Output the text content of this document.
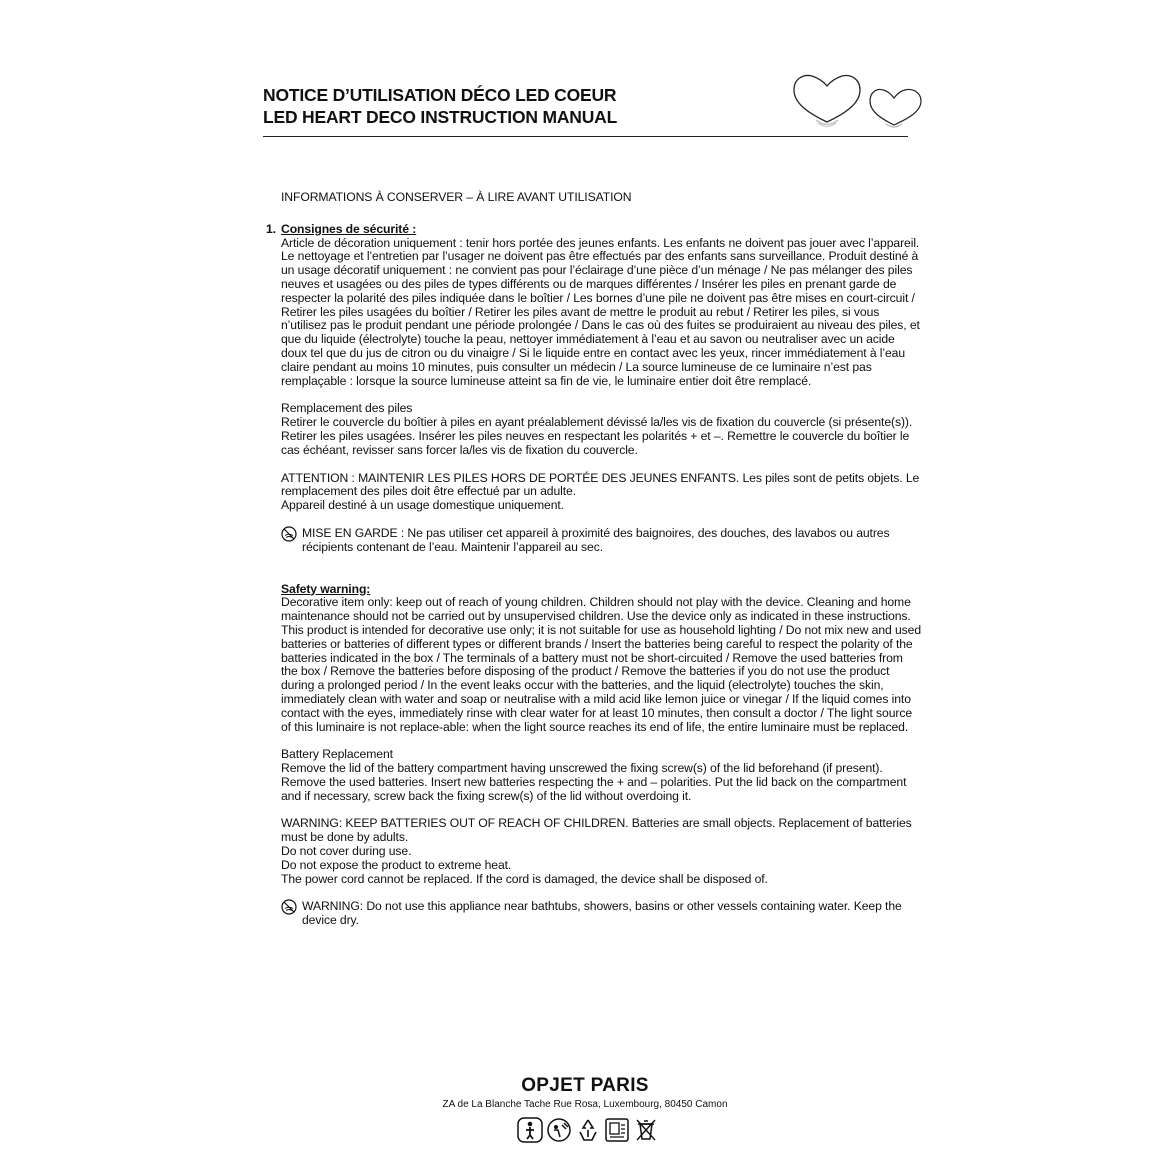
NOTICE D’UTILISATION DÉCO LED COEUR
LED HEART DECO INSTRUCTION MANUAL

INFORMATIONS À CONSERVER – À LIRE AVANT UTILISATION

1. Consignes de sécurité :

Article de décoration uniquement : tenir hors portée des jeunes enfants. Les enfants ne doivent pas jouer avec l’appareil. Le nettoyage et l’entretien par l’usager ne doivent pas être effectués par des enfants sans surveillance. Produit destiné à un usage décoratif uniquement : ne convient pas pour l’éclairage d’une pièce d’un ménage / Ne pas mélanger des piles neuves et usagées ou des piles de types différents ou de marques différentes / Insérer les piles en prenant garde de respecter la polarité des piles indiquée dans le boîtier / Les bornes d’une pile ne doivent pas être mises en court-circuit / Retirer les piles usagées du boîtier / Retirer les piles avant de mettre le produit au rebut / Retirer les piles, si vous n’utilisez pas le produit pendant une période prolongée / Dans le cas où des fuites se produiraient au niveau des piles, et que du liquide (électrolyte) touche la peau, nettoyer immédiatement à l’eau et au savon ou neutraliser avec un acide doux tel que du jus de citron ou du vinaigre / Si le liquide entre en contact avec les yeux, rincer immédiatement à l’eau claire pendant au moins 10 minutes, puis consulter un médecin / La source lumineuse de ce luminaire n’est pas remplaçable : lorsque la source lumineuse atteint sa fin de vie, le luminaire entier doit être remplacé.

Remplacement des piles

Retirer le couvercle du boîtier à piles en ayant préalablement dévissé la/les vis de fixation du couvercle (si présente(s)). Retirer les piles usagées. Insérer les piles neuves en respectant les polarités + et –. Remettre le couvercle du boîtier le cas échéant, revisser sans forcer la/les vis de fixation du couvercle.

ATTENTION : MAINTENIR LES PILES HORS DE PORTÉE DES JEUNES ENFANTS. Les piles sont de petits objets. Le remplacement des piles doit être effectué par un adulte.

Appareil destiné à un usage domestique uniquement.

MISE EN GARDE : Ne pas utiliser cet appareil à proximité des baignoires, des douches, des lavabos ou autres récipients contenant de l’eau. Maintenir l’appareil au sec.

Safety warning:

Decorative item only: keep out of reach of young children. Children should not play with the device. Cleaning and home maintenance should not be carried out by unsupervised children. Use the device only as indicated in these instructions. This product is intended for decorative use only; it is not suitable for use as household lighting / Do not mix new and used batteries or batteries of different types or different brands / Insert the batteries being careful to respect the polarity of the batteries indicated in the box / The terminals of a battery must not be short-circuited / Remove the used batteries from the box / Remove the batteries before disposing of the product / Remove the batteries if you do not use the product during a prolonged period / In the event leaks occur with the batteries, and the liquid (electrolyte) touches the skin, immediately clean with water and soap or neutralise with a mild acid like lemon juice or vinegar / If the liquid comes into contact with the eyes, immediately rinse with clear water for at least 10 minutes, then consult a doctor / The light source of this luminaire is not replace-able: when the light source reaches its end of life, the entire luminaire must be replaced.

Battery Replacement

Remove the lid of the battery compartment having unscrewed the fixing screw(s) of the lid beforehand (if present). Remove the used batteries. Insert new batteries respecting the + and – polarities. Put the lid back on the compartment and if necessary, screw back the fixing screw(s) of the lid without overdoing it.

WARNING: KEEP BATTERIES OUT OF REACH OF CHILDREN. Batteries are small objects. Replacement of batteries must be done by adults.

Do not cover during use.

Do not expose the product to extreme heat.

The power cord cannot be replaced. If the cord is damaged, the device shall be disposed of.

WARNING: Do not use this appliance near bathtubs, showers, basins or other vessels containing water. Keep the device dry.

OPJET PARIS
ZA de La Blanche Tache Rue Rosa, Luxembourg, 80450 Camon
